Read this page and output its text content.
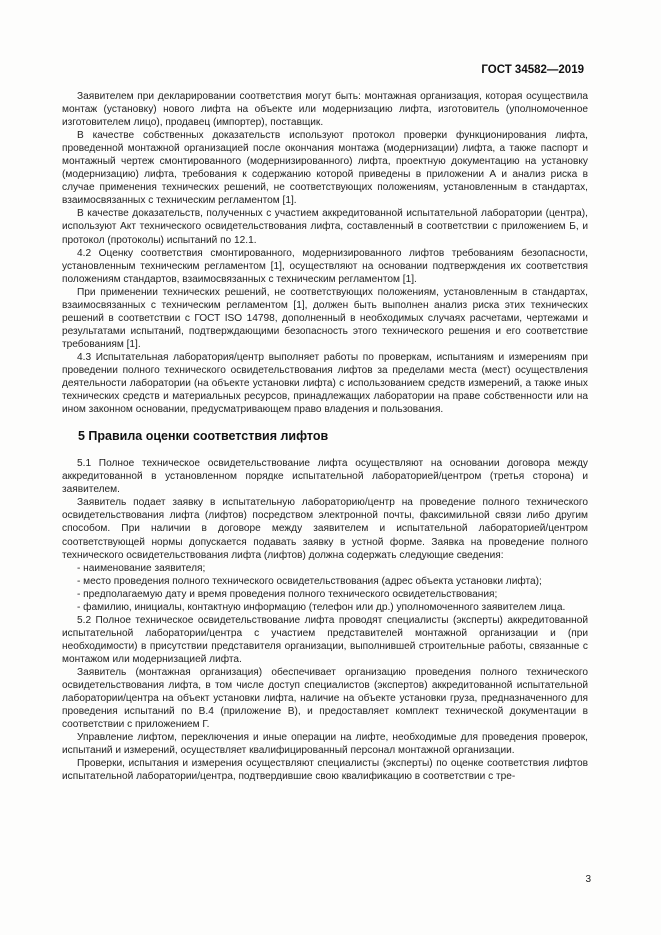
ГОСТ 34582—2019

Заявителем при декларировании соответствия могут быть: монтажная организация, которая осуществила монтаж (установку) нового лифта на объекте или модернизацию лифта, изготовитель (уполномоченное изготовителем лицо), продавец (импортер), поставщик.

В качестве собственных доказательств используют протокол проверки функционирования лифта, проведенной монтажной организацией после окончания монтажа (модернизации) лифта, а также паспорт и монтажный чертеж смонтированного (модернизированного) лифта, проектную документацию на установку (модернизацию) лифта, требования к содержанию которой приведены в приложении А и анализ риска в случае применения технических решений, не соответствующих положениям, установленным в стандартах, взаимосвязанных с техническим регламентом [1].

В качестве доказательств, полученных с участием аккредитованной испытательной лаборатории (центра), используют Акт технического освидетельствования лифта, составленный в соответствии с приложением Б, и протокол (протоколы) испытаний по 12.1.

4.2 Оценку соответствия смонтированного, модернизированного лифтов требованиям безопасности, установленным техническим регламентом [1], осуществляют на основании подтверждения их соответствия положениям стандартов, взаимосвязанных с техническим регламентом [1].

При применении технических решений, не соответствующих положениям, установленным в стандартах, взаимосвязанных с техническим регламентом [1], должен быть выполнен анализ риска этих технических решений в соответствии с ГОСТ ISO 14798, дополненный в необходимых случаях расчетами, чертежами и результатами испытаний, подтверждающими безопасность этого технического решения и его соответствие требованиям [1].

4.3 Испытательная лаборатория/центр выполняет работы по проверкам, испытаниям и измерениям при проведении полного технического освидетельствования лифтов за пределами места (мест) осуществления деятельности лаборатории (на объекте установки лифта) с использованием средств измерений, а также иных технических средств и материальных ресурсов, принадлежащих лаборатории на праве собственности или на ином законном основании, предусматривающем право владения и пользования.

5 Правила оценки соответствия лифтов

5.1 Полное техническое освидетельствование лифта осуществляют на основании договора между аккредитованной в установленном порядке испытательной лабораторией/центром (третья сторона) и заявителем.

Заявитель подает заявку в испытательную лабораторию/центр на проведение полного технического освидетельствования лифта (лифтов) посредством электронной почты, факсимильной связи либо другим способом. При наличии в договоре между заявителем и испытательной лабораторией/центром соответствующей нормы допускается подавать заявку в устной форме. Заявка на проведение полного технического освидетельствования лифта (лифтов) должна содержать следующие сведения:

- наименование заявителя;

- место проведения полного технического освидетельствования (адрес объекта установки лифта);

- предполагаемую дату и время проведения полного технического освидетельствования;

- фамилию, инициалы, контактную информацию (телефон или др.) уполномоченного заявителем лица.

5.2 Полное техническое освидетельствование лифта проводят специалисты (эксперты) аккредитованной испытательной лаборатории/центра с участием представителей монтажной организации и (при необходимости) в присутствии представителя организации, выполнившей строительные работы, связанные с монтажом или модернизацией лифта.

Заявитель (монтажная организация) обеспечивает организацию проведения полного технического освидетельствования лифта, в том числе доступ специалистов (экспертов) аккредитованной испытательной лаборатории/центра на объект установки лифта, наличие на объекте установки груза, предназначенного для проведения испытаний по В.4 (приложение В), и предоставляет комплект технической документации в соответствии с приложением Г.

Управление лифтом, переключения и иные операции на лифте, необходимые для проведения проверок, испытаний и измерений, осуществляет квалифицированный персонал монтажной организации.

Проверки, испытания и измерения осуществляют специалисты (эксперты) по оценке соответствия лифтов испытательной лаборатории/центра, подтвердившие свою квалификацию в соответствии с тре-

3
